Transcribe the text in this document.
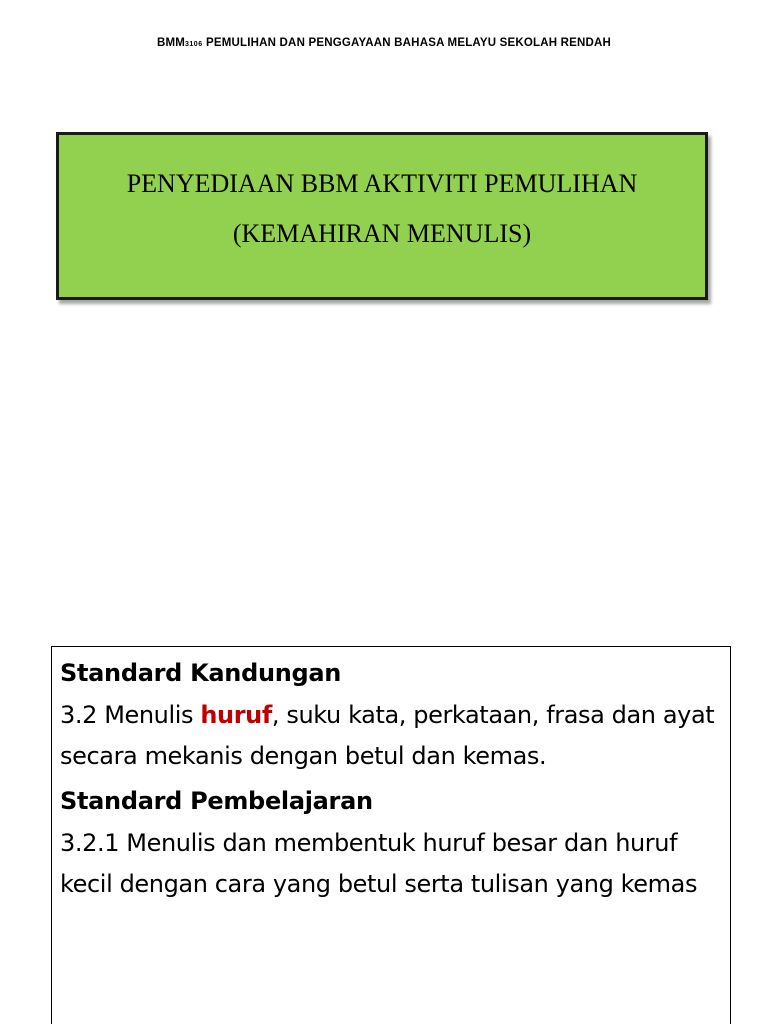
BMM3106 PEMULIHAN DAN PENGGAYAAN BAHASA MELAYU SEKOLAH RENDAH
PENYEDIAAN BBM AKTIVITI PEMULIHAN
(KEMAHIRAN MENULIS)

Standard Kandungan

3.2 Menulis huruf, suku kata, perkataan, frasa dan ayat secara mekanis dengan betul dan kemas.

Standard Pembelajaran

3.2.1 Menulis dan membentuk huruf besar dan huruf kecil dengan cara yang betul serta tulisan yang kemas
